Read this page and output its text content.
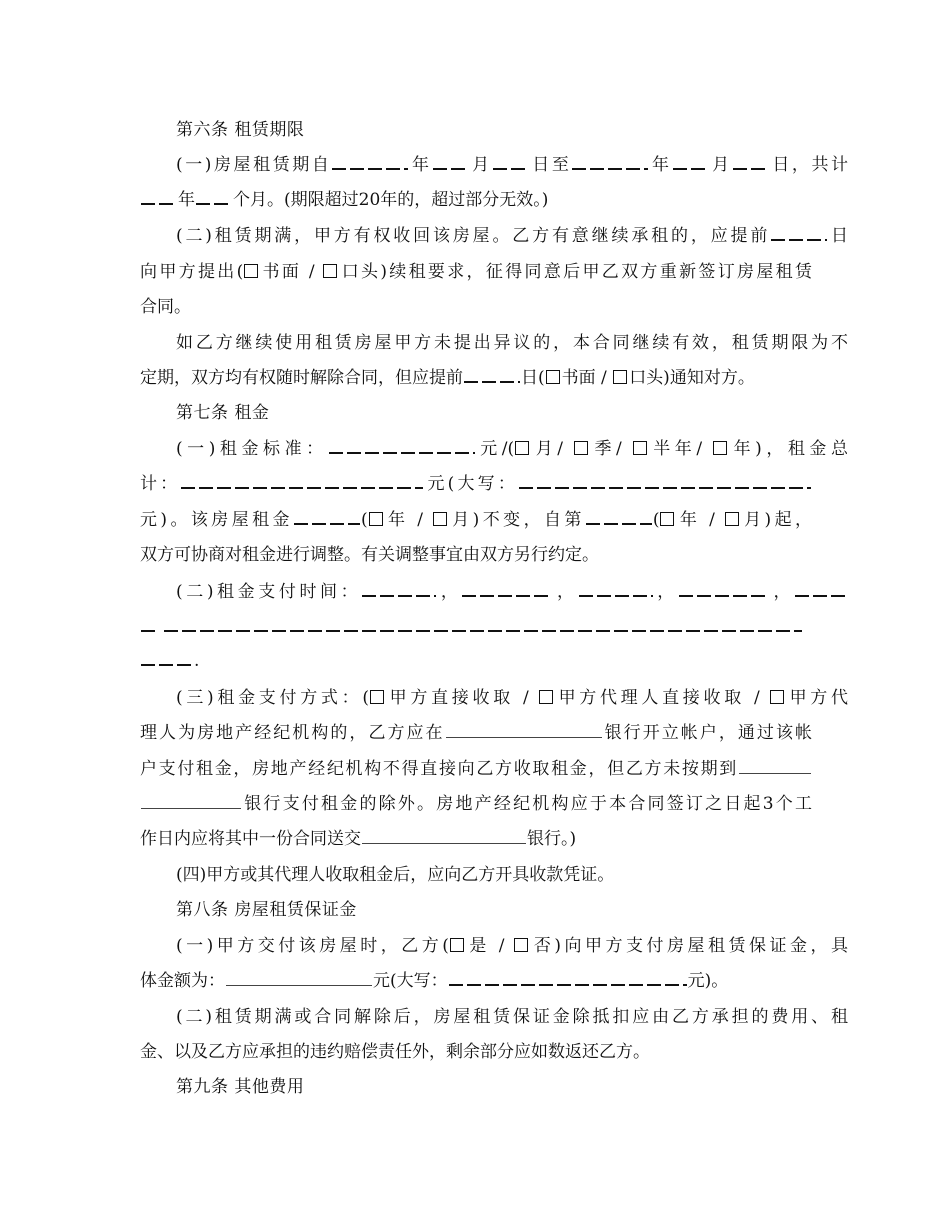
第六条 租赁期限
(一)房屋租赁期自	年 月 日至	年 月 日，共计
年 个月。(期限超过20年的，超过部分无效。)
(二)租赁期满，甲方有权收回该房屋。乙方有意继续承租的，应提前	日
向甲方提出( 书面 / 口头)续租要求，征得同意后甲乙双方重新签订房屋租赁
合同。
如乙方继续使用租赁房屋甲方未提出异议的，本合同继续有效，租赁期限为不
定期，双方均有权随时解除合同，但应提前	日( 书面 / 口头)通知对方。
第七条 租金
(一)租金标准：	元/( 月/ 季/ 半年/ 年)，租金总
计：	元(大写：
元)。该房屋租金	( 年 / 月)不变，自第	( 年 / 月)起，
双方可协商对租金进行调整。有关调整事宜由双方另行约定。
(二)租金支付时间：	，	，	，	，

.
(三)租金支付方式：( 甲方直接收取 / 甲方代理人直接收取 / 甲方代
理人为房地产经纪机构的，乙方应在	银行开立帐户，通过该帐
户支付租金，房地产经纪机构不得直接向乙方收取租金，但乙方未按期到
银行支付租金的除外。房地产经纪机构应于本合同签订之日起3个工
作日内应将其中一份合同送交	银行。)
(四)甲方或其代理人收取租金后，应向乙方开具收款凭证。
第八条 房屋租赁保证金
(一)甲方交付该房屋时，乙方( 是 / 否)向甲方支付房屋租赁保证金，具
体金额为：	元(大写：	元)。
(二)租赁期满或合同解除后，房屋租赁保证金除抵扣应由乙方承担的费用、租
金、以及乙方应承担的违约赔偿责任外，剩余部分应如数返还乙方。
第九条 其他费用
